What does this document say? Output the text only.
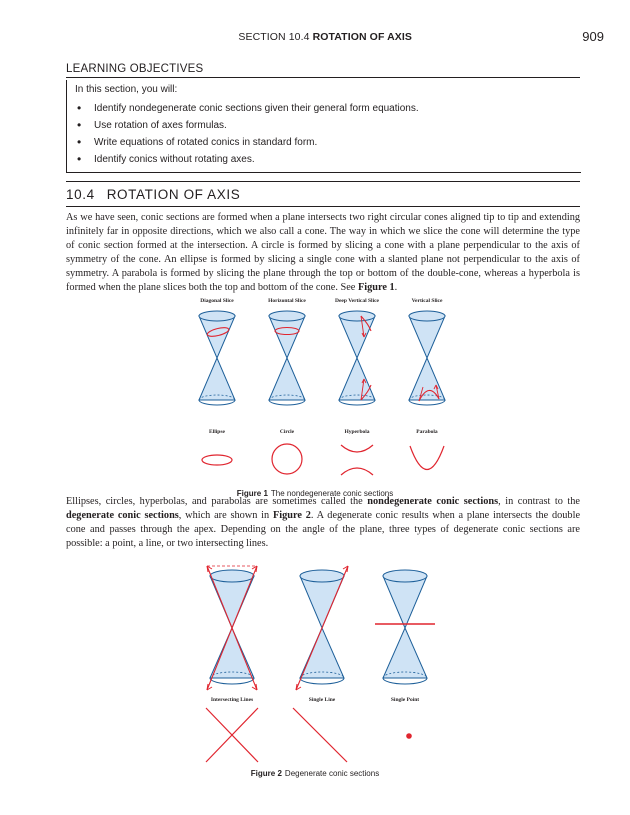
SECTION 10.4 ROTATION OF AXIS	909
LEARNING OBJECTIVES
In this section, you will:
• Identify nondegenerate conic sections given their general form equations.
• Use rotation of axes formulas.
• Write equations of rotated conics in standard form.
• Identify conics without rotating axes.
10.4 ROTATION OF AXIS
As we have seen, conic sections are formed when a plane intersects two right circular cones aligned tip to tip and extending infinitely far in opposite directions, which we also call a cone. The way in which we slice the cone will determine the type of conic section formed at the intersection. A circle is formed by slicing a cone with a plane perpendicular to the axis of symmetry of the cone. An ellipse is formed by slicing a single cone with a slanted plane not perpendicular to the axis of symmetry. A parabola is formed by slicing the plane through the top or bottom of the double-cone, whereas a hyperbola is formed when the plane slices both the top and bottom of the cone. See Figure 1.
Diagonal Slice	Horizontal Slice	Deep Vertical Slice	Vertical Slice
Ellipse	Circle	Hyperbola	Parabola
Figure 1 The nondegenerate conic sections
Ellipses, circles, hyperbolas, and parabolas are sometimes called the nondegenerate conic sections, in contrast to the degenerate conic sections, which are shown in Figure 2. A degenerate conic results when a plane intersects the double cone and passes through the apex. Depending on the angle of the plane, three types of degenerate conic sections are possible: a point, a line, or two intersecting lines.
Intersecting Lines	Single Line	Single Point
Figure 2 Degenerate conic sections
